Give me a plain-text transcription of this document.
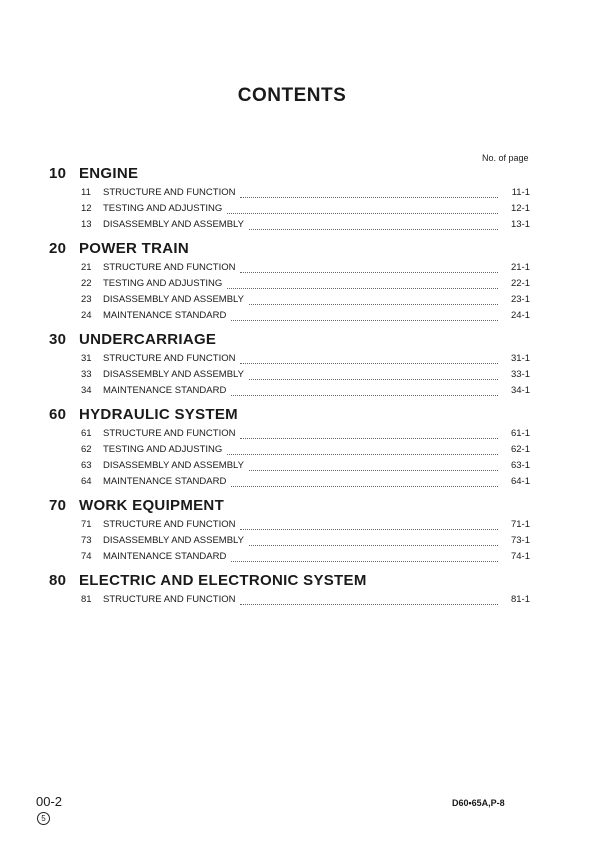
CONTENTS
No. of page
10 ENGINE
11	STRUCTURE AND FUNCTION	11-1
12	TESTING AND ADJUSTING	12-1
13	DISASSEMBLY AND ASSEMBLY	13-1
20 POWER TRAIN
21	STRUCTURE AND FUNCTION	21-1
22	TESTING AND ADJUSTING	22-1
23	DISASSEMBLY AND ASSEMBLY	23-1
24	MAINTENANCE STANDARD	24-1
30 UNDERCARRIAGE
31	STRUCTURE AND FUNCTION	31-1
33	DISASSEMBLY AND ASSEMBLY	33-1
34	MAINTENANCE STANDARD	34-1
60 HYDRAULIC SYSTEM
61	STRUCTURE AND FUNCTION	61-1
62	TESTING AND ADJUSTING	62-1
63	DISASSEMBLY AND ASSEMBLY	63-1
64	MAINTENANCE STANDARD	64-1
70 WORK EQUIPMENT
71	STRUCTURE AND FUNCTION	71-1
73	DISASSEMBLY AND ASSEMBLY	73-1
74	MAINTENANCE STANDARD	74-1
80 ELECTRIC AND ELECTRONIC SYSTEM
81	STRUCTURE AND FUNCTION	81-1
00-2
5
D60•65A,P-8
